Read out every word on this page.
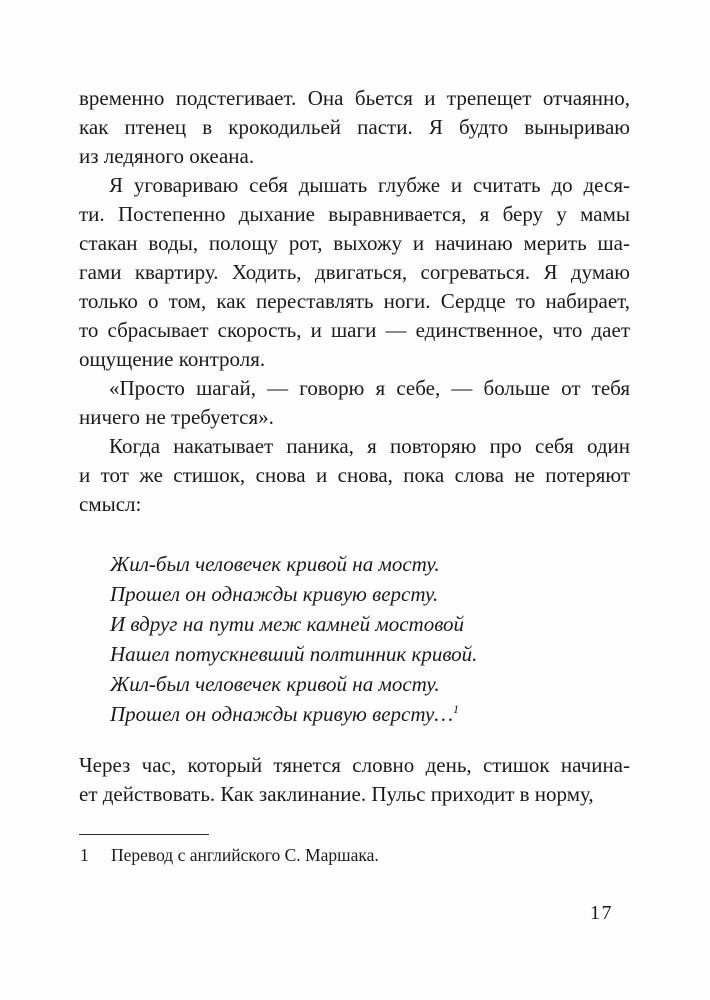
временно подстегивает. Она бьется и трепещет отчаянно,
как птенец в крокодильей пасти. Я будто выныриваю
из ледяного океана.
Я уговариваю себя дышать глубже и считать до деся-
ти. Постепенно дыхание выравнивается, я беру у мамы
стакан воды, полощу рот, выхожу и начинаю мерить ша-
гами квартиру. Ходить, двигаться, согреваться. Я думаю
только о том, как переставлять ноги. Сердце то набирает,
то сбрасывает скорость, и шаги — единственное, что дает
ощущение контроля.
«Просто шагай, — говорю я себе, — больше от тебя
ничего не требуется».
Когда накатывает паника, я повторяю про себя один
и тот же стишок, снова и снова, пока слова не потеряют
смысл:
Жил-был человечек кривой на мосту.
Прошел он однажды кривую версту.
И вдруг на пути меж камней мостовой
Нашел потускневший полтинник кривой.
Жил-был человечек кривой на мосту.
Прошел он однажды кривую версту…$^1$
Через час, который тянется словно день, стишок начина-
ет действовать. Как заклинание. Пульс приходит в норму,
1 Перевод с английского С. Маршака.
17
